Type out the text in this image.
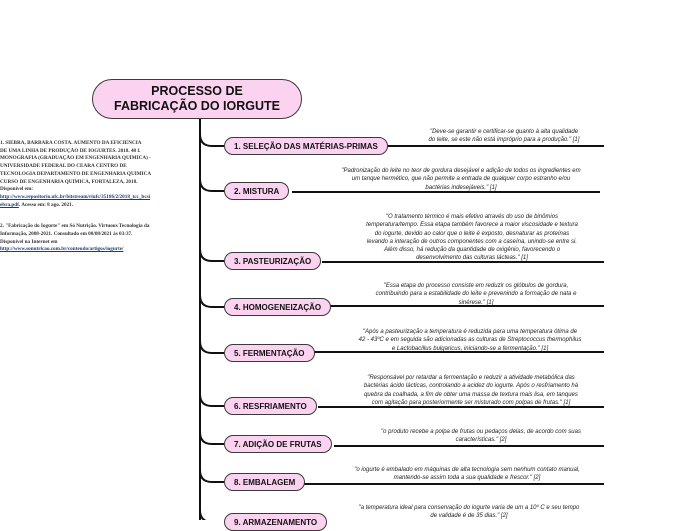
PROCESSO DE
FABRICAÇÃO DO IORGUTE
1. SELEÇÃO DAS MATÉRIAS-PRIMAS
2. MISTURA
3. PASTEURIZAÇÃO
4. HOMOGENEIZAÇÃO
5. FERMENTAÇÃO
6. RESFRIAMENTO
7. ADIÇÃO DE FRUTAS
8. EMBALAGEM
9. ARMAZENAMENTO
"Deve-se garantir e certificar-se quanto à alta qualidade
do leite, se este não está impróprio para a produção." [1]
"Padronização do leite no teor de gordura desejável e adição de todos os ingredientes em
um tanque hermético, que não permite a entrada de qualquer corpo estranho e/ou
bactérias indesejáveis." [1]
"O tratamento térmico é mais efetivo através do uso de binômios
temperatura/tempo. Essa etapa também favorece a maior viscosidade e textura
do iogurte, devido ao calor que o leite é exposto, desnaturar as proteínas
levando a interação de outros componentes com a caseína, unindo-se entre si.
Além disso, há redução da quantidade de oxigênio, favorecendo o
desenvolvimento das culturas lácteas." [1]
"Essa etapa do processo consiste em reduzir os glóbulos de gordura,
contribuindo para a estabilidade do leite e prevenindo a formação de nata e
sinérese." [1]
"Após a pasteurização a temperatura é reduzida para uma temperatura ótima de
42 - 43ºC e em seguida são adicionadas as culturas de Streptococcus thermophilus
e Lactobacillus bulgaricus, iniciando-se a fermentação." [1]
"Responsável por retardar a fermentação e reduzir a atividade metabólica das
bactérias ácido lácticas, controlando a acidez do iogurte. Após o resfriamento há
quebra da coalhada, a fim de obter uma massa de textura mais lisa, em tanques
com agitação para posteriormente ser misturado com polpas de frutas." [1]
"o produto recebe a polpa de frutas ou pedaços delas, de acordo com suas
características." [2]
"o iogurte é embalado em máquinas de alta tecnologia sem nenhum contato manual,
mantendo-se assim toda a sua qualidade e frescor." [2]
"a temperatura ideal para conservação do iogurte varia de um a 10º C e seu tempo
de validade é de 35 dias." [2]

1. SIEBRA, BÁRBARA COSTA. AUMENTO DA EFICIÊNCIA
DE UMA LINHA DE PRODUÇÃO DE IOGURTES. 2018. 48 f.
MONOGRAFIA (GRADUAÇÃO EM ENGENHARIA QUÍMICA) -
UNIVERSIDADE FEDERAL DO CEARÁ CENTRO DE
TECNOLOGIA DEPARTAMENTO DE ENGENHARIA QUÍMICA
CURSO DE ENGENHARIA QUÍMICA, FORTALEZA, 2018.
Disponível em:
http://www.repositorio.ufc.br/bitstream/riufc/35186/2/2018_tcc_bcsi
ebra.pdf. Acesso em: 8 ago. 2021.

2. "Fabricação do Iogurte" em Só Nutrição. Virtuous Tecnologia da
Informação, 2008-2021. Consultado em 08/08/2021 às 03:37.
Disponível na Internet em
http://www.sonutricao.com.br/conteudo/artigos/iogurte/
